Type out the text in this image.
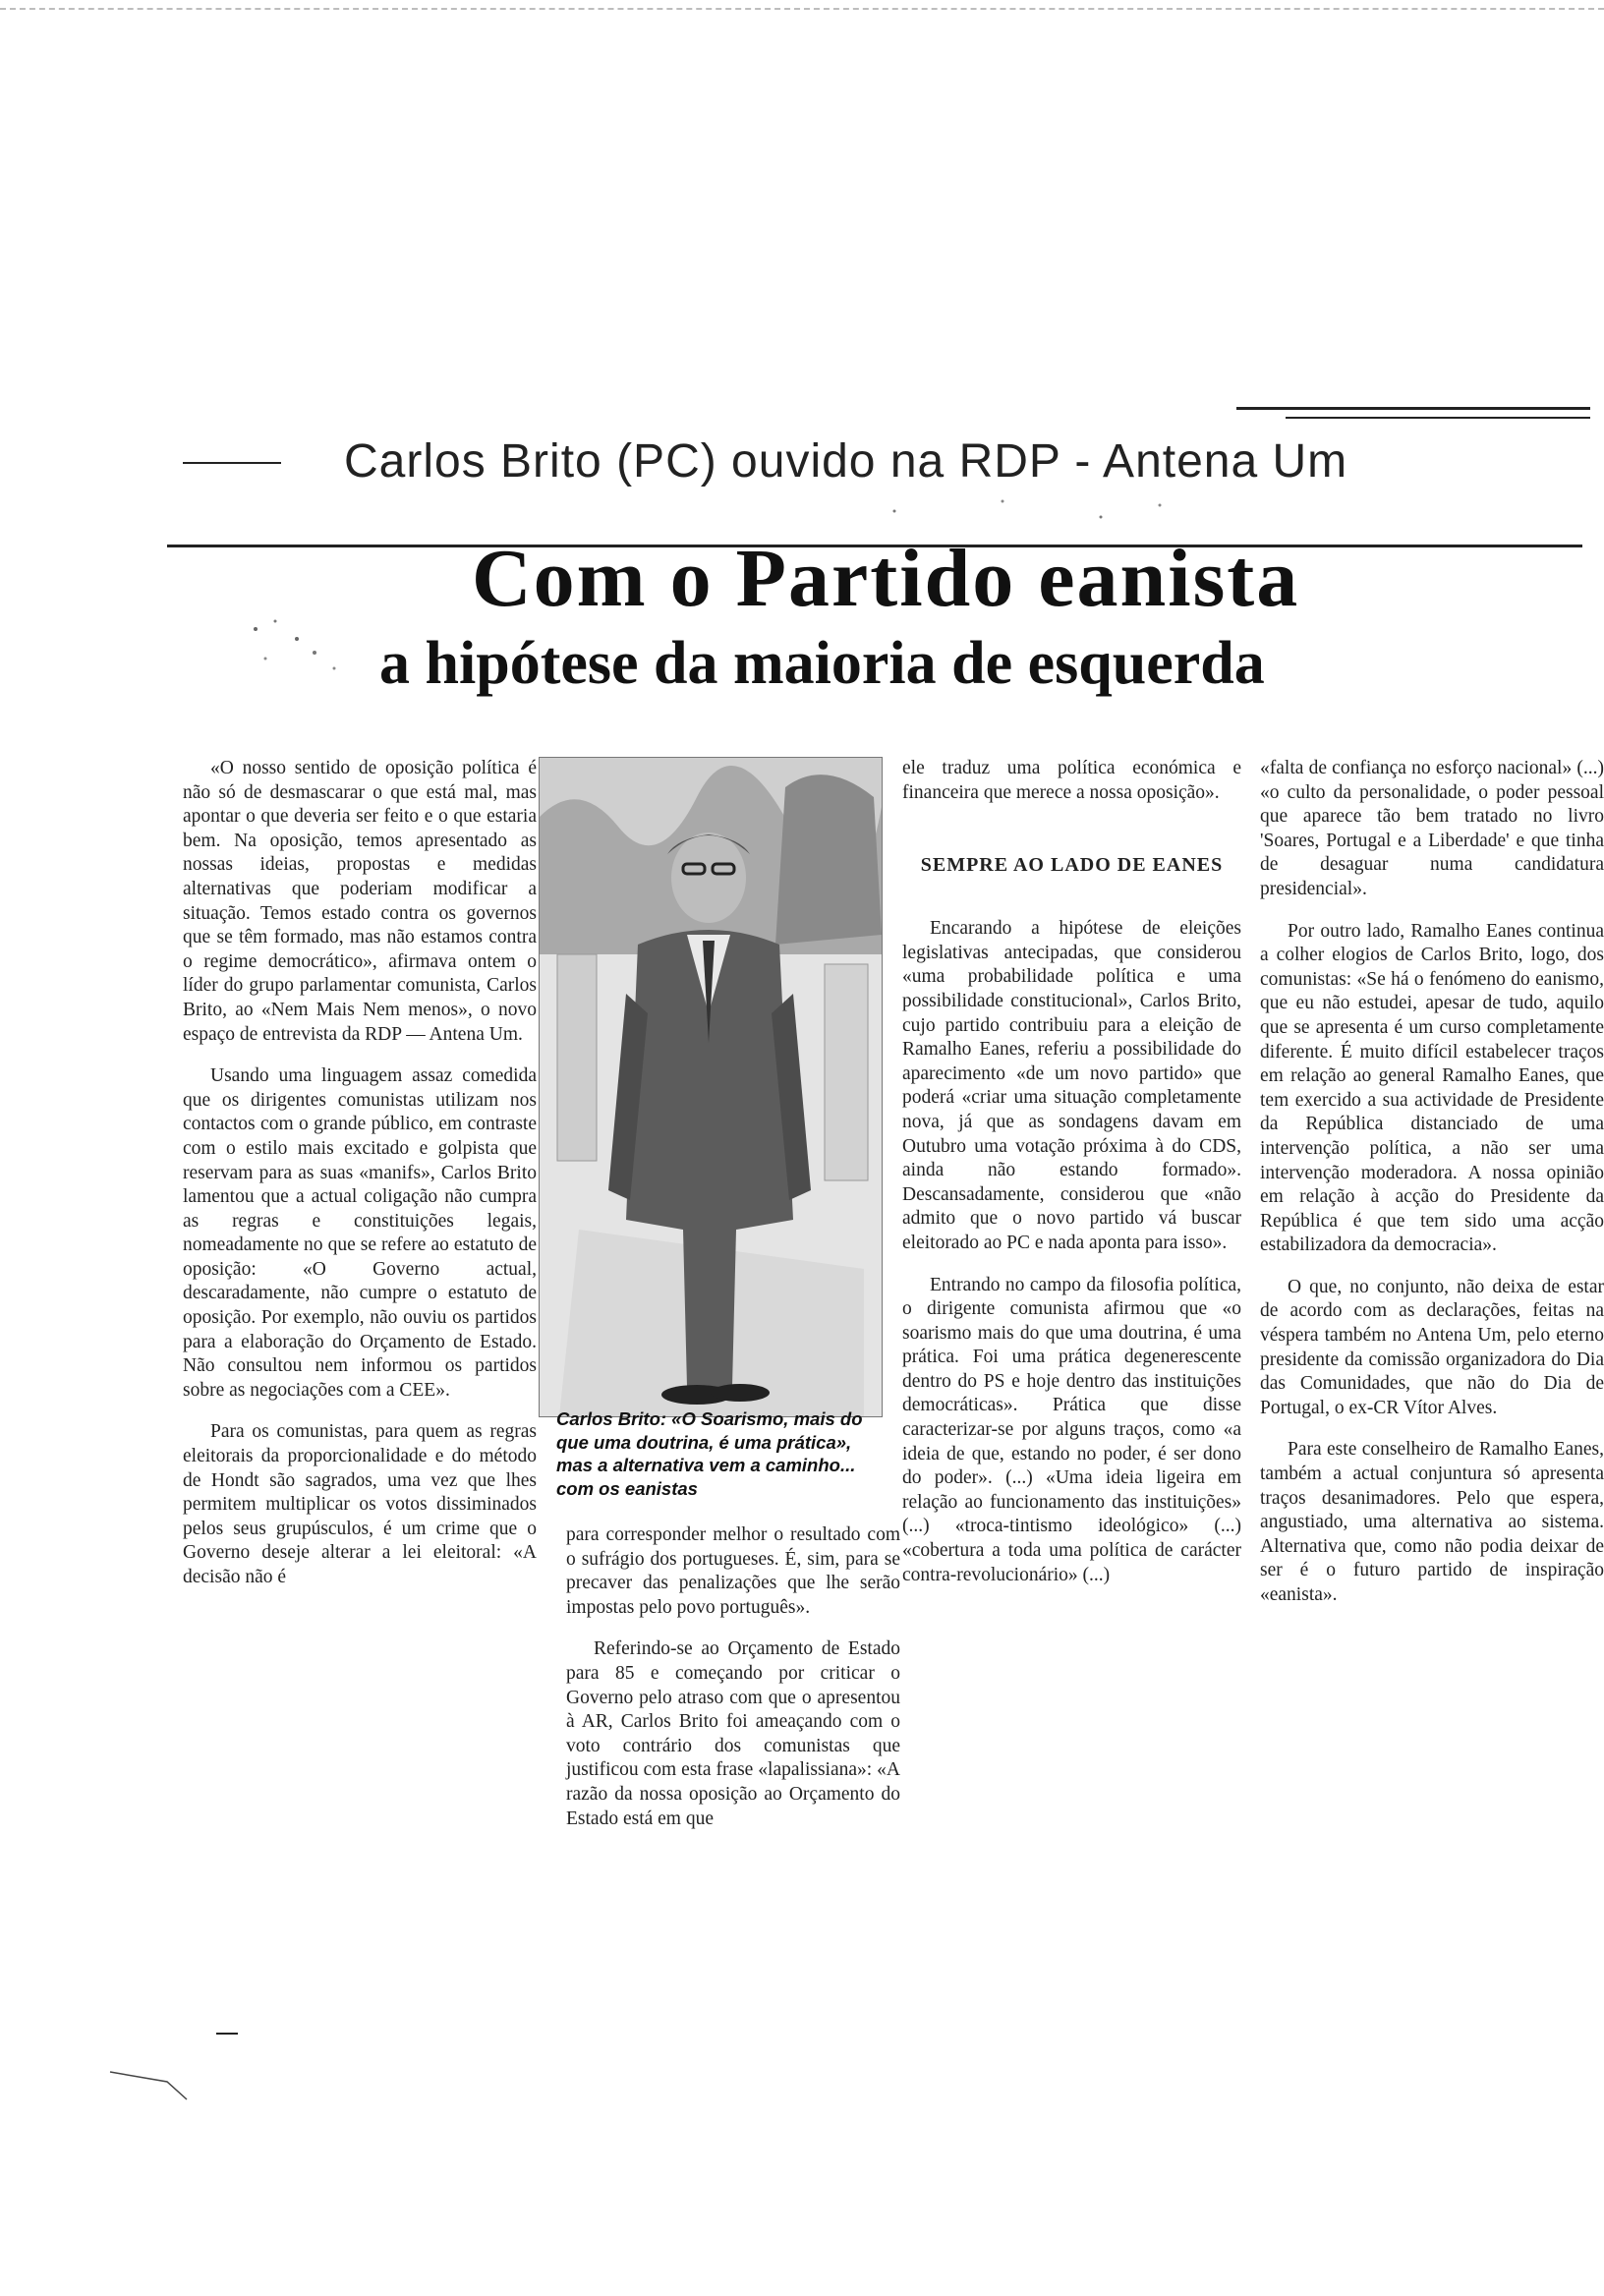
Carlos Brito (PC) ouvido na RDP - Antena Um
Com o Partido eanista
a hipótese da maioria de esquerda

«O nosso sentido de oposição política é não só de desmascarar o que está mal, mas apontar o que deveria ser feito e o que estaria bem. Na oposição, temos apresentado as nossas ideias, propostas e medidas alternativas que poderiam modificar a situação. Temos estado contra os governos que se têm formado, mas não estamos contra o regime democrático», afirmava ontem o líder do grupo parlamentar comunista, Carlos Brito, ao «Nem Mais Nem menos», o novo espaço de entrevista da RDP — Antena Um.

Usando uma linguagem assaz comedida que os dirigentes comunistas utilizam nos contactos com o grande público, em contraste com o estilo mais excitado e golpista que reservam para as suas «manifs», Carlos Brito lamentou que a actual coligação não cumpra as regras e constituições legais, nomeadamente no que se refere ao estatuto de oposição: «O Governo actual, descaradamente, não cumpre o estatuto de oposição. Por exemplo, não ouviu os partidos para a elaboração do Orçamento de Estado. Não consultou nem informou os partidos sobre as negociações com a CEE».

Para os comunistas, para quem as regras eleitorais da proporcionalidade e do método de Hondt são sagrados, uma vez que lhes permitem multiplicar os votos dissiminados pelos seus grupúsculos, é um crime que o Governo deseje alterar a lei eleitoral: «A decisão não é

Carlos Brito: «O Soarismo, mais do que uma doutrina, é uma prática», mas a alternativa vem a caminho... com os eanistas

para corresponder melhor o resultado com o sufrágio dos portugueses. É, sim, para se precaver das penalizações que lhe serão impostas pelo povo português».

Referindo-se ao Orçamento de Estado para 85 e começando por criticar o Governo pelo atraso com que o apresentou à AR, Carlos Brito foi ameaçando com o voto contrário dos comunistas que justificou com esta frase «lapalissiana»: «A razão da nossa oposição ao Orçamento do Estado está em que

ele traduz uma política económica e financeira que merece a nossa oposição».

SEMPRE AO LADO DE EANES

Encarando a hipótese de eleições legislativas antecipadas, que considerou «uma probabilidade política e uma possibilidade constitucional», Carlos Brito, cujo partido contribuiu para a eleição de Ramalho Eanes, referiu a possibilidade do aparecimento «de um novo partido» que poderá «criar uma situação completamente nova, já que as sondagens davam em Outubro uma votação próxima à do CDS, ainda não estando formado». Descansadamente, considerou que «não admito que o novo partido vá buscar eleitorado ao PC e nada aponta para isso».

Entrando no campo da filosofia política, o dirigente comunista afirmou que «o soarismo mais do que uma doutrina, é uma prática. Foi uma prática degenerescente dentro do PS e hoje dentro das instituições democráticas». Prática que disse caracterizar-se por alguns traços, como «a ideia de que, estando no poder, é ser dono do poder». (...) «Uma ideia ligeira em relação ao funcionamento das instituições» (...) «troca-tintismo ideológico» (...) «cobertura a toda uma política de carácter contra-revolucionário» (...)

«falta de confiança no esforço nacional» (...) «o culto da personalidade, o poder pessoal que aparece tão bem tratado no livro 'Soares, Portugal e a Liberdade' e que tinha de desaguar numa candidatura presidencial».

Por outro lado, Ramalho Eanes continua a colher elogios de Carlos Brito, logo, dos comunistas: «Se há o fenómeno do eanismo, que eu não estudei, apesar de tudo, aquilo que se apresenta é um curso completamente diferente. É muito difícil estabelecer traços em relação ao general Ramalho Eanes, que tem exercido a sua actividade de Presidente da República distanciado de uma intervenção política, a não ser uma intervenção moderadora. A nossa opinião em relação à acção do Presidente da República é que tem sido uma acção estabilizadora da democracia».

O que, no conjunto, não deixa de estar de acordo com as declarações, feitas na véspera também no Antena Um, pelo eterno presidente da comissão organizadora do Dia das Comunidades, que não do Dia de Portugal, o ex-CR Vítor Alves.

Para este conselheiro de Ramalho Eanes, também a actual conjuntura só apresenta traços desanimadores. Pelo que espera, angustiado, uma alternativa ao sistema. Alternativa que, como não podia deixar de ser é o futuro partido de inspiração «eanista».
